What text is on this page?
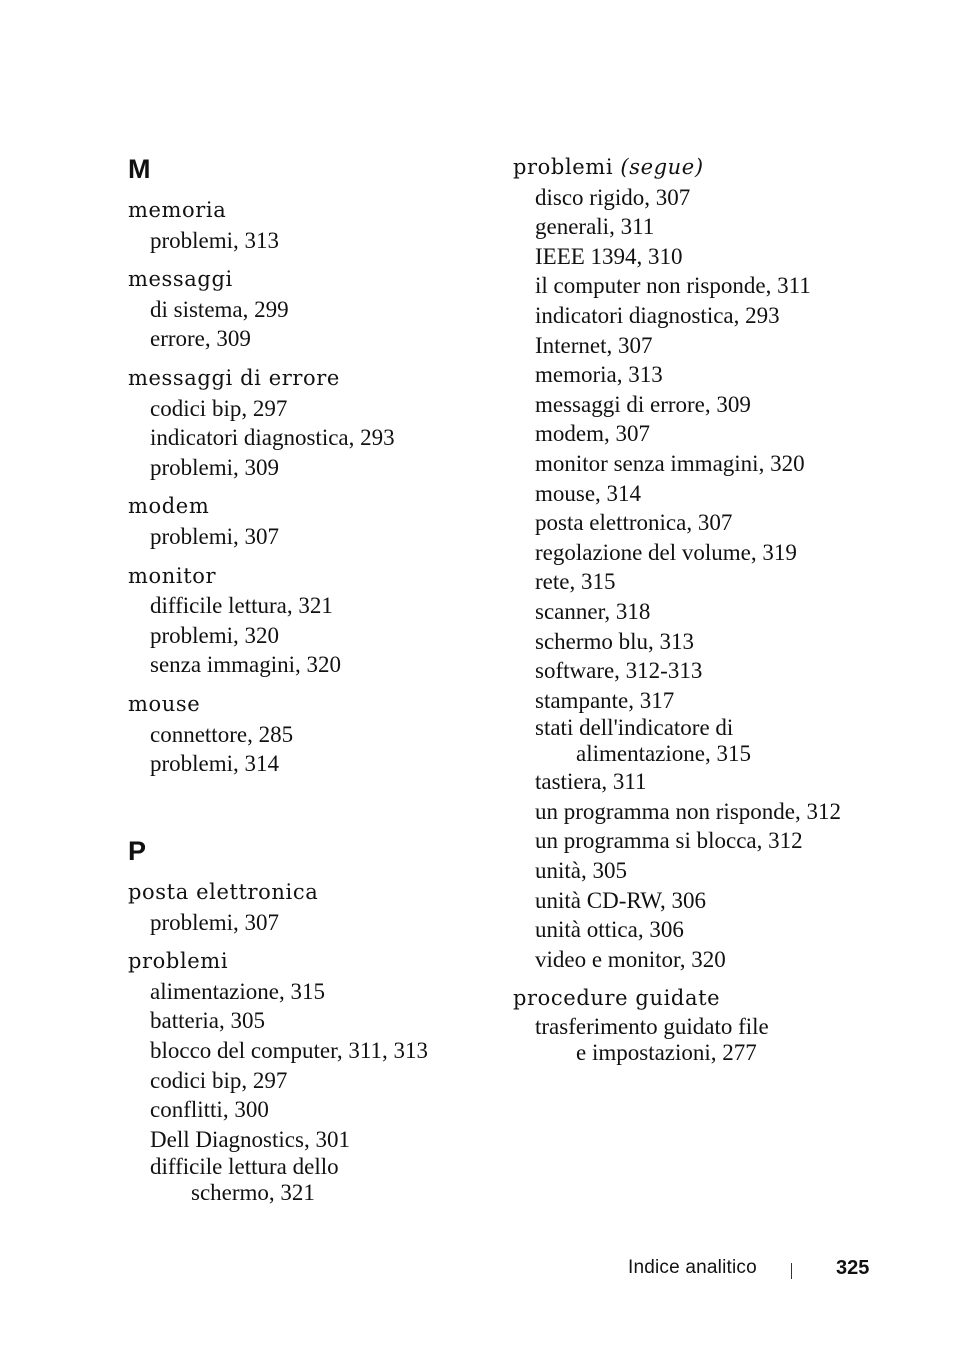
M
memoria
problemi, 313
messaggi
di sistema, 299
errore, 309
messaggi di errore
codici bip, 297
indicatori diagnostica, 293
problemi, 309
modem
problemi, 307
monitor
difficile lettura, 321
problemi, 320
senza immagini, 320
mouse
connettore, 285
problemi, 314
P
posta elettronica
problemi, 307
problemi
alimentazione, 315
batteria, 305
blocco del computer, 311, 313
codici bip, 297
conflitti, 300
Dell Diagnostics, 301
difficile lettura dello
schermo, 321
problemi (segue)
disco rigido, 307
generali, 311
IEEE 1394, 310
il computer non risponde, 311
indicatori diagnostica, 293
Internet, 307
memoria, 313
messaggi di errore, 309
modem, 307
monitor senza immagini, 320
mouse, 314
posta elettronica, 307
regolazione del volume, 319
rete, 315
scanner, 318
schermo blu, 313
software, 312-313
stampante, 317
stati dell'indicatore di
alimentazione, 315
tastiera, 311
un programma non risponde, 312
un programma si blocca, 312
unità, 305
unità CD-RW, 306
unità ottica, 306
video e monitor, 320
procedure guidate
trasferimento guidato file
e impostazioni, 277
Indice analitico	325
